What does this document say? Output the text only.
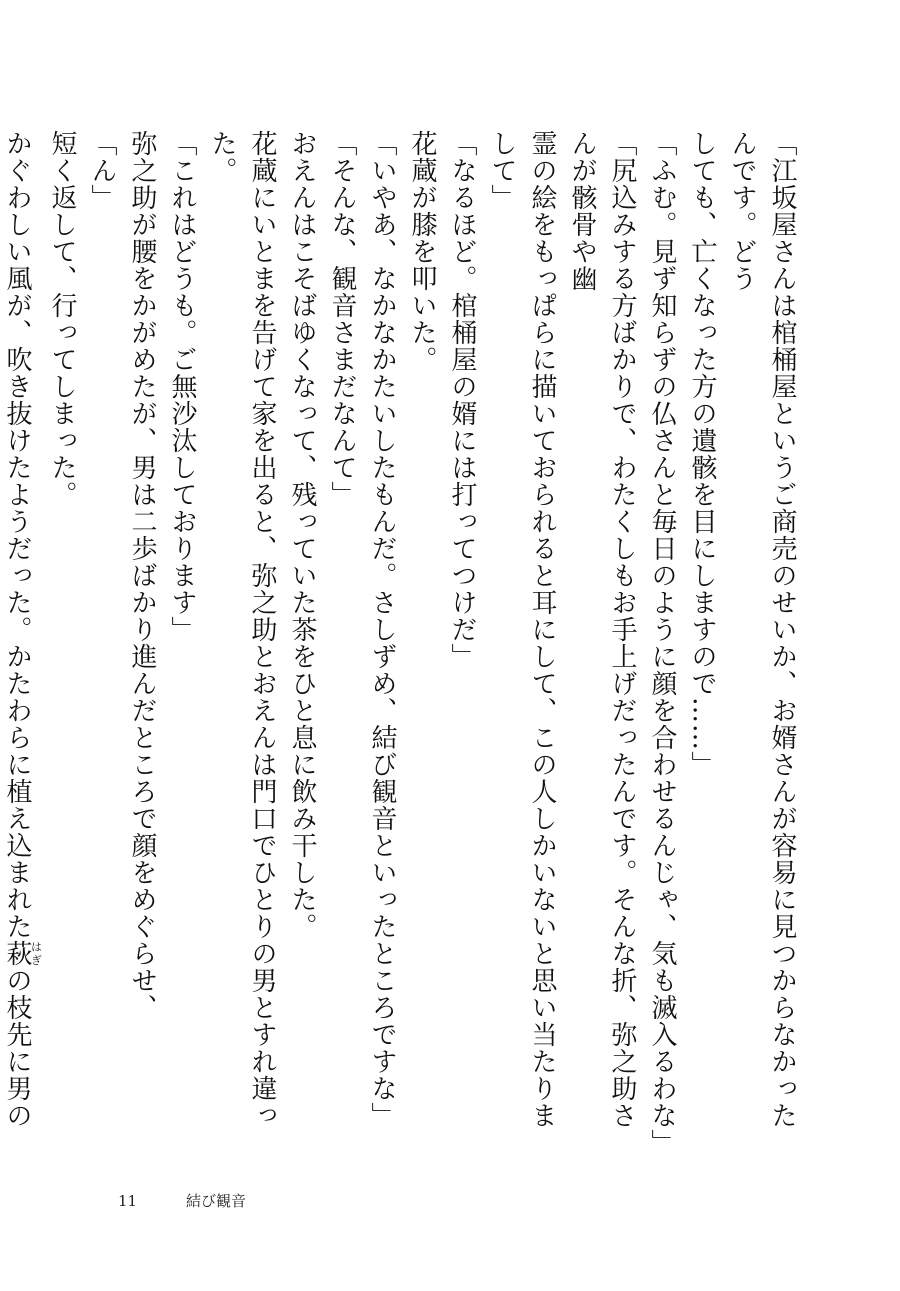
「江坂屋さんは棺桶屋というご商売のせいか、お婿さんが容易に見つからなかったんです。どう

しても、亡くなった方の遺骸を目にしますので……」

「ふむ。見ず知らずの仏さんと毎日のように顔を合わせるんじゃ、気も滅入るわな」

「尻込みする方ばかりで、わたくしもお手上げだったんです。そんな折、弥之助さんが骸骨や幽

霊の絵をもっぱらに描いておられると耳にして、この人しかいないと思い当たりまして」

「なるほど。棺桶屋の婿には打ってつけだ」

花蔵が膝を叩いた。

「いやあ、なかなかたいしたもんだ。さしずめ、結び観音といったところですな」

「そんな、観音さまだなんて」

おえんはこそばゆくなって、残っていた茶をひと息に飲み干した。

花蔵にいとまを告げて家を出ると、弥之助とおえんは門口でひとりの男とすれ違った。

「これはどうも。ご無沙汰しております」

弥之助が腰をかがめたが、男は二歩ばかり進んだところで顔をめぐらせ、

「ん」

短く返して、行ってしまった。

かぐわしい風が、吹き抜けたようだった。かたわらに植え込まれた萩はぎの枝先に男の

11	結び観音
